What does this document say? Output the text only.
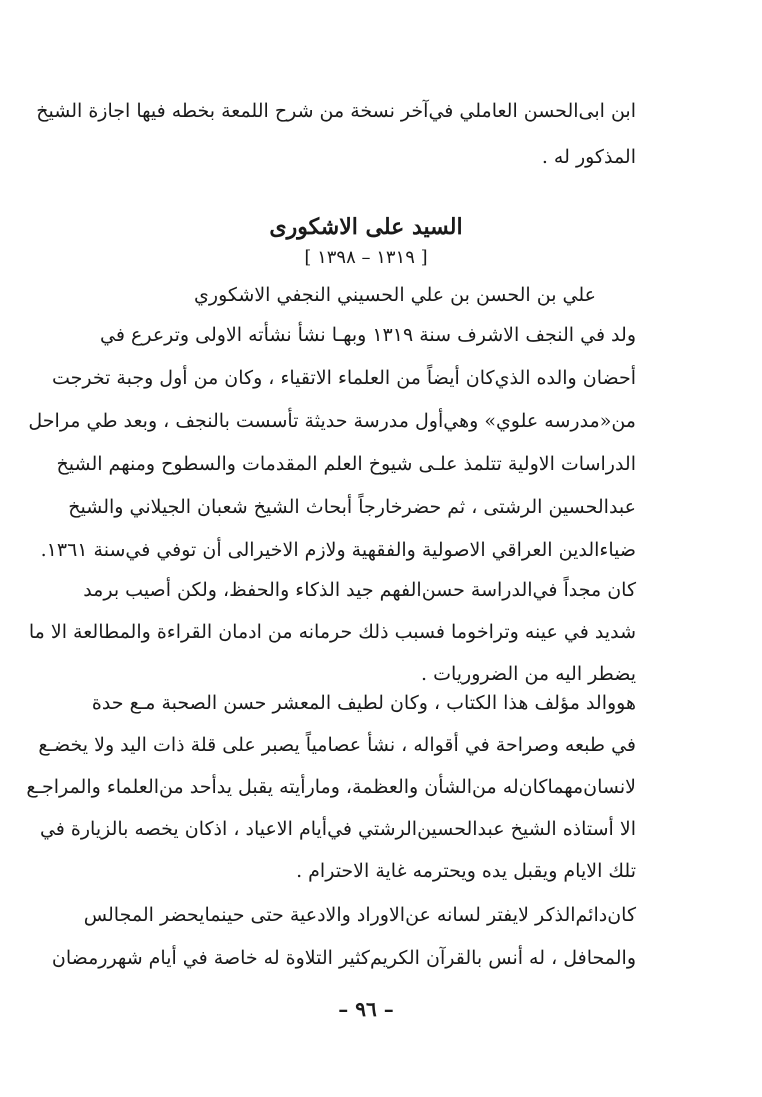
ابن ابى‌الحسن العاملي في‌آخر نسخة من شرح اللمعة بخطه فيها اجازة الشيخ
المذكور له .
السيد على الاشكورى
[ ١٣١٩ – ١٣٩٨ ]
علي بن الحسن بن علي الحسيني النجفي الاشكوري
ولد في النجف الاشرف سنة ١٣١٩ وبهـا نشأ نشأته الاولى وترعرع في
أحضان والده الذي‌كان أيضاً من العلماء الاتقياء ، وكان من أول وجبة تخرجت
من«مدرسه علوي» وهي‌أول مدرسة حديثة تأسست بالنجف ، وبعد طي مراحل
الدراسات الاولية تتلمذ علـى شيوخ العلم المقدمات والسطوح ومنهم الشيخ
عبدالحسين الرشتى ، ثم حضرخارجاً أبحاث الشيخ شعبان الجيلاني والشيخ
ضياءالدين العراقي الاصولية والفقهية ولازم الاخيرالى أن توفي في‌سنة ١٣٦١.
كان مجداً في‌الدراسة حسن‌الفهم جيد الذكاء والحفظ، ولكن أصيب برمد
شديد في عينه وتراخوما فسبب ذلك حرمانه من ادمان القراءة والمطالعة الا ما
يضطر اليه من الضروريات .
هووالد مؤلف هذا الكتاب ، وكان لطيف المعشر حسن الصحبة مـع حدة
في طبعه وصراحة في أقواله ، نشأ عصامياً يصبر على قلة ذات اليد ولا يخضـع
لانسان‌مهماكان‌له من‌الشأن والعظمة، ومارأيته يقبل يدأحد من‌العلماء والمراجـع
الا أستاذه الشيخ عبدالحسين‌الرشتي في‌أيام الاعياد ، اذكان يخصه بالزيارة في
تلك الايام ويقبل يده ويحترمه غاية الاحترام .
كان‌دائم‌الذكر لايفتر لسانه عن‌الاوراد والادعية حتى حينمايحضر المجالس
والمحافل ، له أنس بالقرآن الكريم‌كثير التلاوة له خاصة في أيام شهر‌رمضان
– ٩٦ –
